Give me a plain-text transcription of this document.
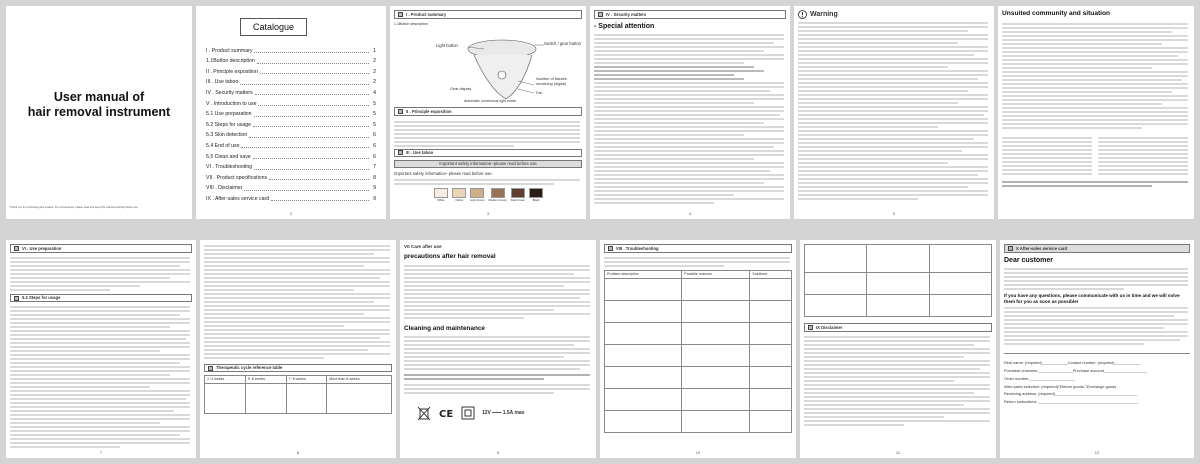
User manual of
hair removal instrument
Thank you for purchasing this product. For convenience, please read and keep this manual carefully before use.
Catalogue
I . Product summary	1
1.1Button description	2
II . Principle exposition	2
III . Use taboo	2
IV . Security matters	4
V . Introduction to use	5
5.1 Use preparation	5
5.2 Steps for usage	5
5.3 Skin detection	6
5.4 End of use	6
5.5 Clean and save	6
VI . Troubleshooting	7
VII . Product specifications	8
VIII . Disclaimer	9
IX . After-sales service card	9
2
I . Product summary
1.1Button description
Light button	Switch / gear button
Number of flashes remaining (digital)
Fan
Gear display
Automatic continuous light mode
II . Principle exposition
III . Use taboo
Important safety information--please read before use
Important safety information--please read before use:
White	Yellow	Light brown Medium brown Dark brown	Black
3
IV . Security matters
- Special attention
4
Warning
5
Unsuited community and situation
VI . Use preparation
5.2 Steps for usage
7
Therapeutic cycle reference table
1~4 weeks	5~6 weeks	7~8 weeks	More than 8 weeks

8
VII Care after use
precautions after hair removal
Cleaning and maintenance
CE	12V ━━━ 1.5A max
9
VIII . Troubleshooting
Problem description	Possible reasons	Solutions

10

IX Disclaimer
11
X After-sales service card
Dear customer
If you have any questions, please communicate with us in time and we will solve them for you as soon as possible!
Real name: (required)____________Contact number: (required)____________
Purchase channels:________________Purchase account____________________
Order number:_____________________
After-sales selection: (required)□Return goods □Exchange goods
Receiving address: (required)______________________________________
Return instructions :______________________________________________
12
